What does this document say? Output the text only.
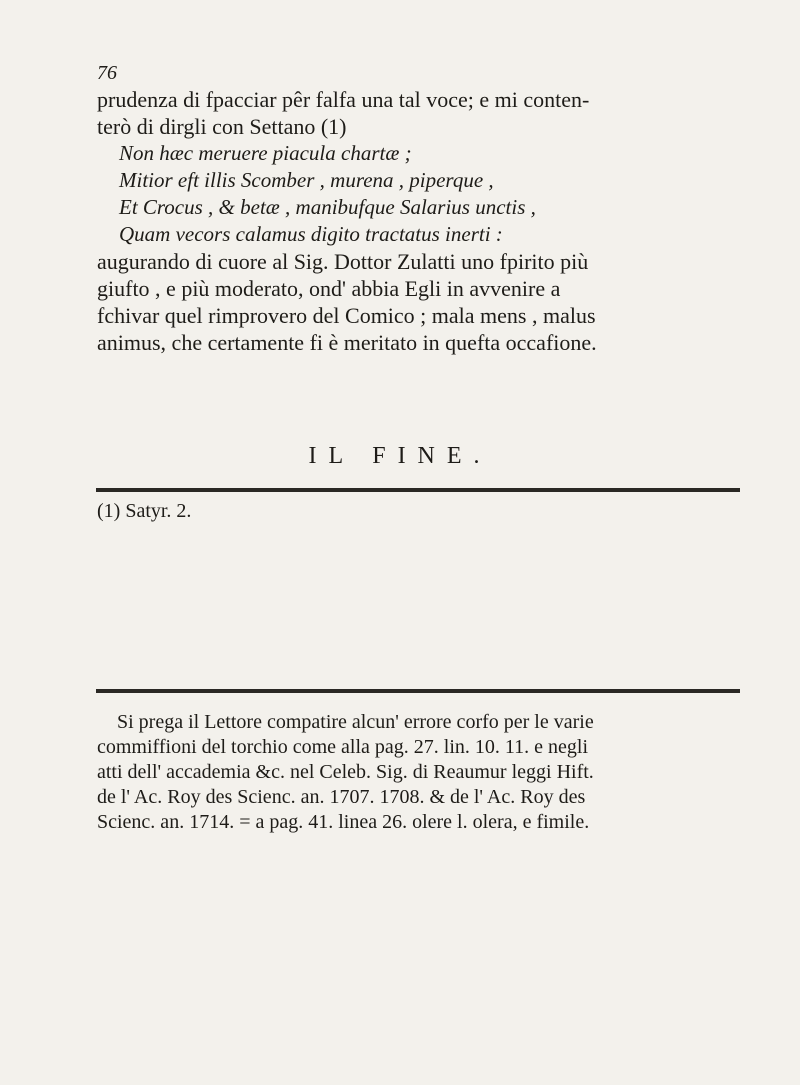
76
prudenza di fpacciar pêr falfa una tal voce; e mi conten-
terò di dirgli con Settano (1)
Non hæc meruere piacula chartæ ;
Mitior eft illis Scomber , murena , piperque ,
Et Crocus , & betæ , manibufque Salarius unctis ,
Quam vecors calamus digito tractatus inerti :
augurando di cuore al Sig. Dottor Zulatti uno fpirito più
giufto , e più moderato, ond' abbia Egli in avvenire a
fchivar quel rimprovero del Comico ; mala mens , malus
animus, che certamente fi è meritato in quefta occafione.
IL FINE.
(1) Satyr. 2.
Si prega il Lettore compatire alcun' errore corfo per le varie
commiffioni del torchio come alla pag. 27. lin. 10. 11. e negli
atti dell' accademia &c. nel Celeb. Sig. di Reaumur leggi Hift.
de l' Ac. Roy des Scienc. an. 1707. 1708. & de l' Ac. Roy des
Scienc. an. 1714. = a pag. 41. linea 26. olere l. olera, e fimile.
